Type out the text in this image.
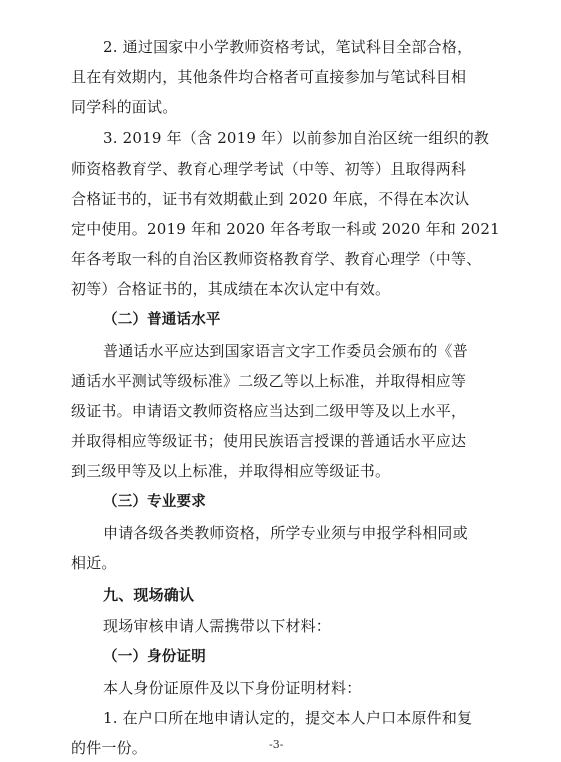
2. 通过国家中小学教师资格考试，笔试科目全部合格，
且在有效期内，其他条件均合格者可直接参加与笔试科目相
同学科的面试。
3. 2019 年（含 2019 年）以前参加自治区统一组织的教
师资格教育学、教育心理学考试（中等、初等）且取得两科
合格证书的，证书有效期截止到 2020 年底，不得在本次认
定中使用。2019 年和 2020 年各考取一科或 2020 年和 2021
年各考取一科的自治区教师资格教育学、教育心理学（中等、
初等）合格证书的，其成绩在本次认定中有效。
（二）普通话水平
普通话水平应达到国家语言文字工作委员会颁布的《普
通话水平测试等级标准》二级乙等以上标准，并取得相应等
级证书。申请语文教师资格应当达到二级甲等及以上水平，
并取得相应等级证书；使用民族语言授课的普通话水平应达
到三级甲等及以上标准，并取得相应等级证书。
（三）专业要求
申请各级各类教师资格，所学专业须与申报学科相同或
相近。
九、现场确认
现场审核申请人需携带以下材料：
（一）身份证明
本人身份证原件及以下身份证明材料：
1. 在户口所在地申请认定的，提交本人户口本原件和复
的件一份。	-3-
